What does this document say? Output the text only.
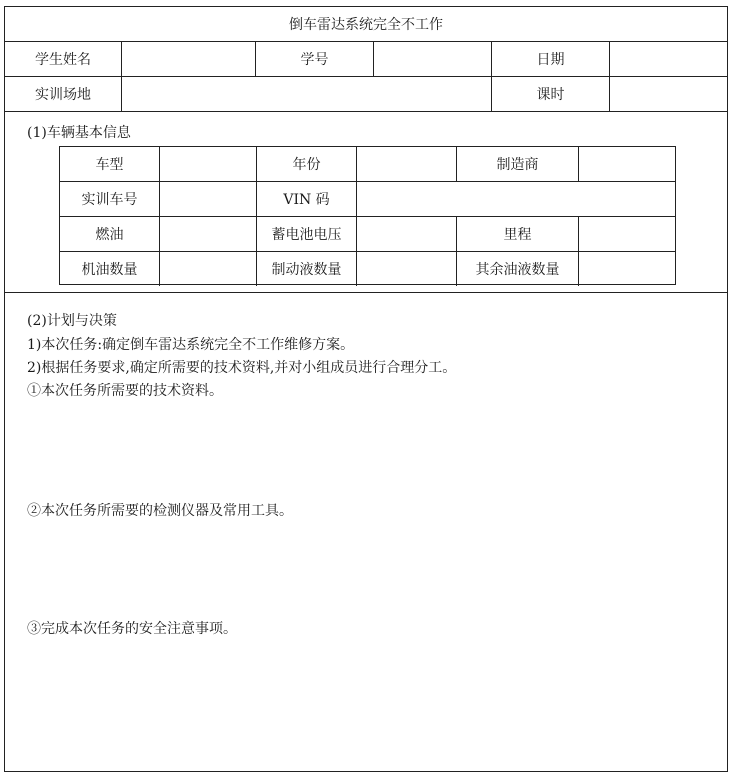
倒车雷达系统完全不工作
学生姓名	学号	日期
实训场地	课时
(1)车辆基本信息
(2)计划与决策
1)本次任务:确定倒车雷达系统完全不工作维修方案。
2)根据任务要求,确定所需要的技术资料,并对小组成员进行合理分工。
①本次任务所需要的技术资料。
②本次任务所需要的检测仪器及常用工具。
③完成本次任务的安全注意事项。
车型	年份	制造商
实训车号	VIN 码
燃油	蓄电池电压	里程
机油数量	制动液数量	其余油液数量
